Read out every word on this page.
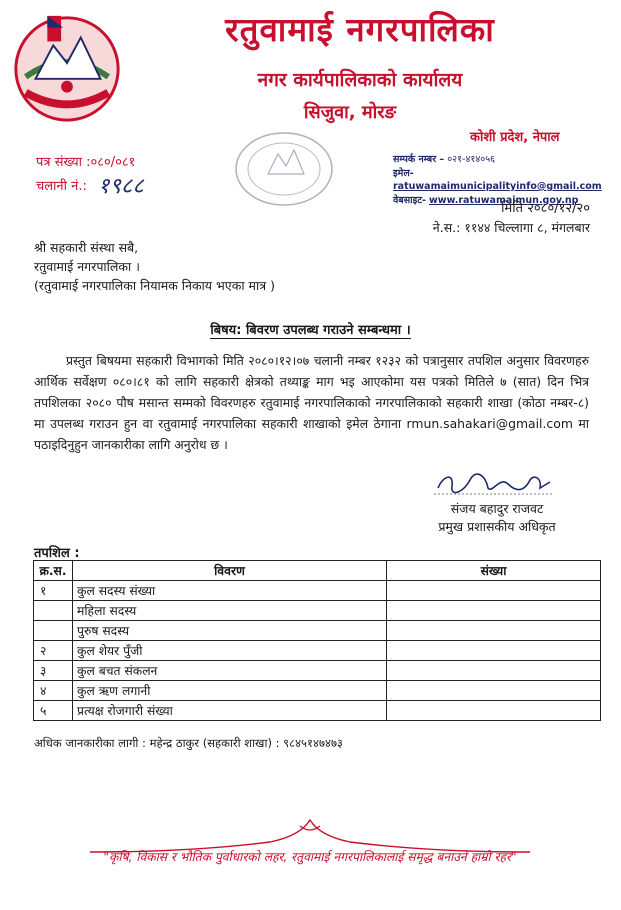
रतुवामाई नगरपालिका
नगर कार्यपालिकाको कार्यालय
सिजुवा, मोरङ
कोशी प्रदेश, नेपाल
पत्र संख्या :०८०/०८१
चलानी नं.: १९८८
सम्पर्क नम्बर – ०२१-४१४०५६
इमेल-ratuwamaimunicipalityinfo@gmail.com
वेबसाइट- www.ratuwamaimun.gov.np
मिति २०८०/१२/२०
ने.स.: ११४४ चिल्लागा ८, मंगलबार
श्री सहकारी संस्था सबै,
रतुवामाई नगरपालिका ।
(रतुवामाई नगरपालिका नियामक निकाय भएका मात्र )
बिषय: बिवरण उपलब्ध गराउने सम्बन्धमा ।
प्रस्तुत बिषयमा सहकारी विभागको मिति २०८०।१२।०७ चलानी नम्बर १२३२ को पत्रानुसार तपशिल अनुसार विवरणहरु आर्थिक सर्वेक्षण ०८०।८१ को लागि सहकारी क्षेत्रको तथ्याङ्क माग भइ आएकोमा यस पत्रको मितिले ७ (सात) दिन भित्र तपशिलका २०८० पौष मसान्त सम्मको विवरणहरु रतुवामाई नगरपालिकाको नगरपालिकाको सहकारी शाखा (कोठा नम्बर-८) मा उपलब्ध गराउन हुन वा रतुवामाई नगरपालिका सहकारी शाखाको इमेल ठेगाना rmun.sahakari@gmail.com मा पठाइदिनुहुन जानकारीका लागि अनुरोध छ ।
संजय बहादुर राजवट
प्रमुख प्रशासकीय अधिकृत
तपशिल :
क्र.स.	विवरण	संख्या
१	कुल सदस्य संख्या	
	महिला सदस्य	
	पुरुष सदस्य	
२	कुल शेयर पुँजी	
३	कुल बचत संकलन	
४	कुल ऋण लगानी	
५	प्रत्यक्ष रोजगारी संख्या	
अधिक जानकारीका लागी : महेन्द्र ठाकुर (सहकारी शाखा) : ९८४५१४७४७३
"कृषि, विकास र भौतिक पुर्वाधारको लहर, रतुवामाई नगरपालिकालाई समृद्ध बनाउने हाम्रो रहर"
